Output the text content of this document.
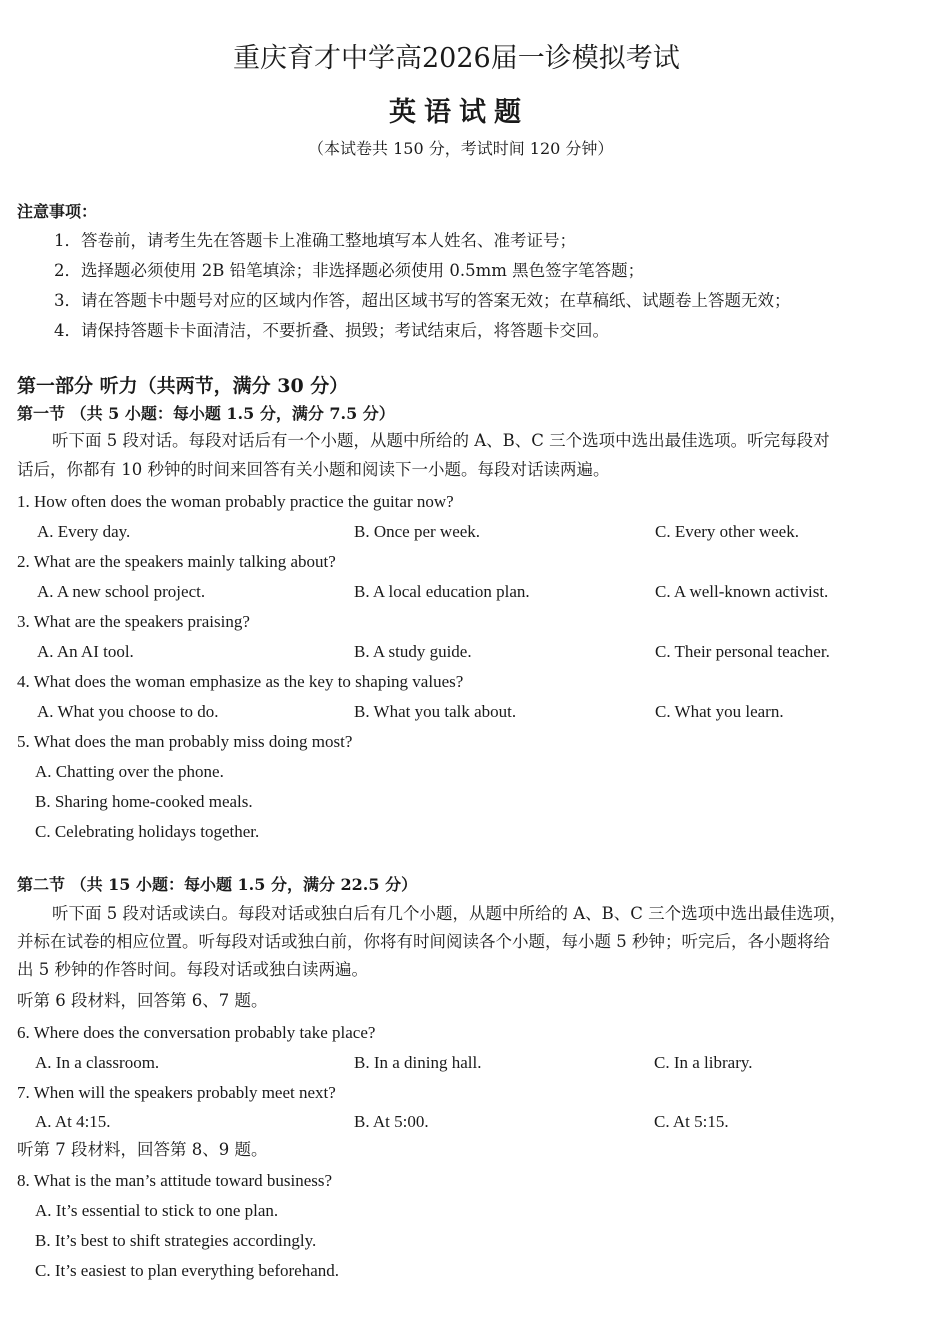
重庆育才中学高2026届一诊模拟考试
英语试题
（本试卷共 150 分，考试时间 120 分钟）
注意事项：
1．答卷前，请考生先在答题卡上准确工整地填写本人姓名、准考证号；
2．选择题必须使用 2B 铅笔填涂；非选择题必须使用 0.5mm 黑色签字笔答题；
3．请在答题卡中题号对应的区域内作答，超出区域书写的答案无效；在草稿纸、试题卷上答题无效；
4．请保持答题卡卡面清洁，不要折叠、损毁；考试结束后，将答题卡交回。
第一部分 听力（共两节，满分 30 分）
第一节 （共 5 小题：每小题 1.5 分，满分 7.5 分）
听下面 5 段对话。每段对话后有一个小题，从题中所给的 A、B、C 三个选项中选出最佳选项。听完每段对
话后，你都有 10 秒钟的时间来回答有关小题和阅读下一小题。每段对话读两遍。
1. How often does the woman probably practice the guitar now?
A. Every day.	B. Once per week.	C. Every other week.
2. What are the speakers mainly talking about?
A. A new school project.	B. A local education plan.	C. A well-known activist.
3. What are the speakers praising?
A. An AI tool.	B. A study guide.	C. Their personal teacher.
4. What does the woman emphasize as the key to shaping values?
A. What you choose to do.	B. What you talk about.	C. What you learn.
5. What does the man probably miss doing most?
A. Chatting over the phone.
B. Sharing home-cooked meals.
C. Celebrating holidays together.
第二节 （共 15 小题：每小题 1.5 分，满分 22.5 分）
听下面 5 段对话或读白。每段对话或独白后有几个小题，从题中所给的 A、B、C 三个选项中选出最佳选项，
并标在试卷的相应位置。听每段对话或独白前，你将有时间阅读各个小题，每小题 5 秒钟；听完后，各小题将给
出 5 秒钟的作答时间。每段对话或独白读两遍。
听第 6 段材料，回答第 6、7 题。
6. Where does the conversation probably take place?
A. In a classroom.	B. In a dining hall.	C. In a library.
7. When will the speakers probably meet next?
A. At 4:15.	B. At 5:00.	C. At 5:15.
听第 7 段材料，回答第 8、9 题。
8. What is the man’s attitude toward business?
A. It’s essential to stick to one plan.
B. It’s best to shift strategies accordingly.
C. It’s easiest to plan everything beforehand.
